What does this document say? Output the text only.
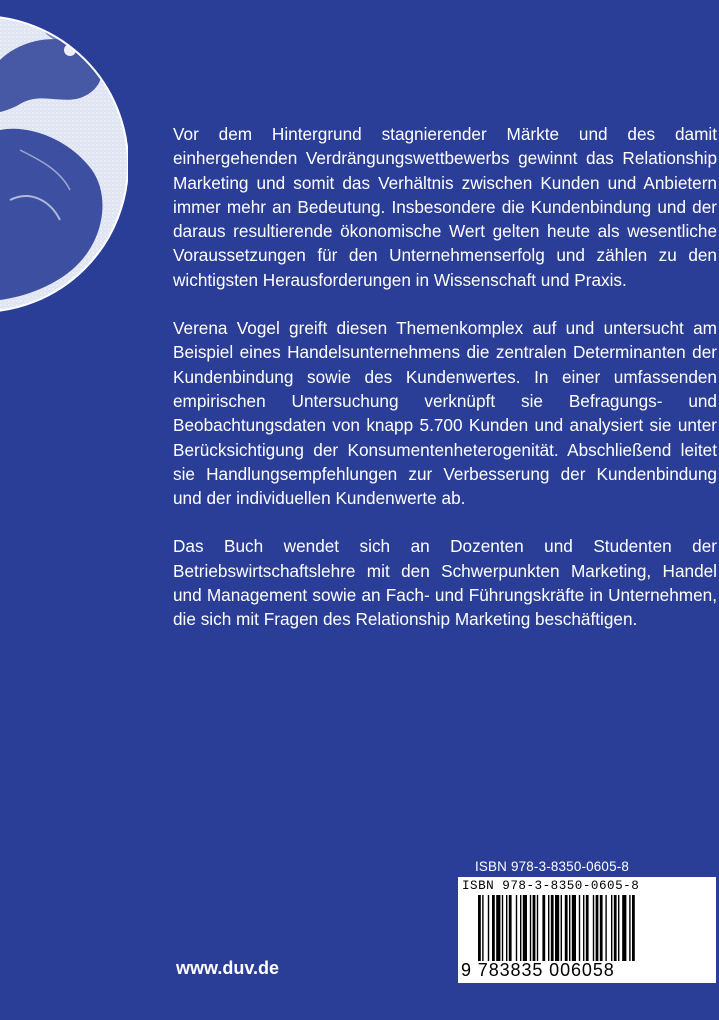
Vor dem Hintergrund stagnierender Märkte und des damit einhergehenden Verdrängungswettbewerbs gewinnt das Relationship Marketing und somit das Verhältnis zwischen Kunden und Anbietern immer mehr an Bedeutung. Insbesondere die Kundenbindung und der daraus resultierende ökonomische Wert gelten heute als wesentliche Voraussetzungen für den Unternehmenserfolg und zählen zu den wichtigsten Herausforderungen in Wissenschaft und Praxis.

Verena Vogel greift diesen Themenkomplex auf und untersucht am Beispiel eines Handelsunternehmens die zentralen Determinanten der Kundenbindung sowie des Kundenwertes. In einer umfassenden empirischen Untersuchung verknüpft sie Befragungs- und Beobachtungsdaten von knapp 5.700 Kunden und analysiert sie unter Berücksichtigung der Konsumentenheterogenität. Abschließend leitet sie Handlungsempfehlungen zur Verbesserung der Kundenbindung und der individuellen Kundenwerte ab.

Das Buch wendet sich an Dozenten und Studenten der Betriebswirtschaftslehre mit den Schwerpunkten Marketing, Handel und Management sowie an Fach- und Führungskräfte in Unternehmen, die sich mit Fragen des Relationship Marketing beschäftigen.

www.duv.de
ISBN 978-3-8350-0605-8
ISBN 978-3-8350-0605-8
9 783835 006058
